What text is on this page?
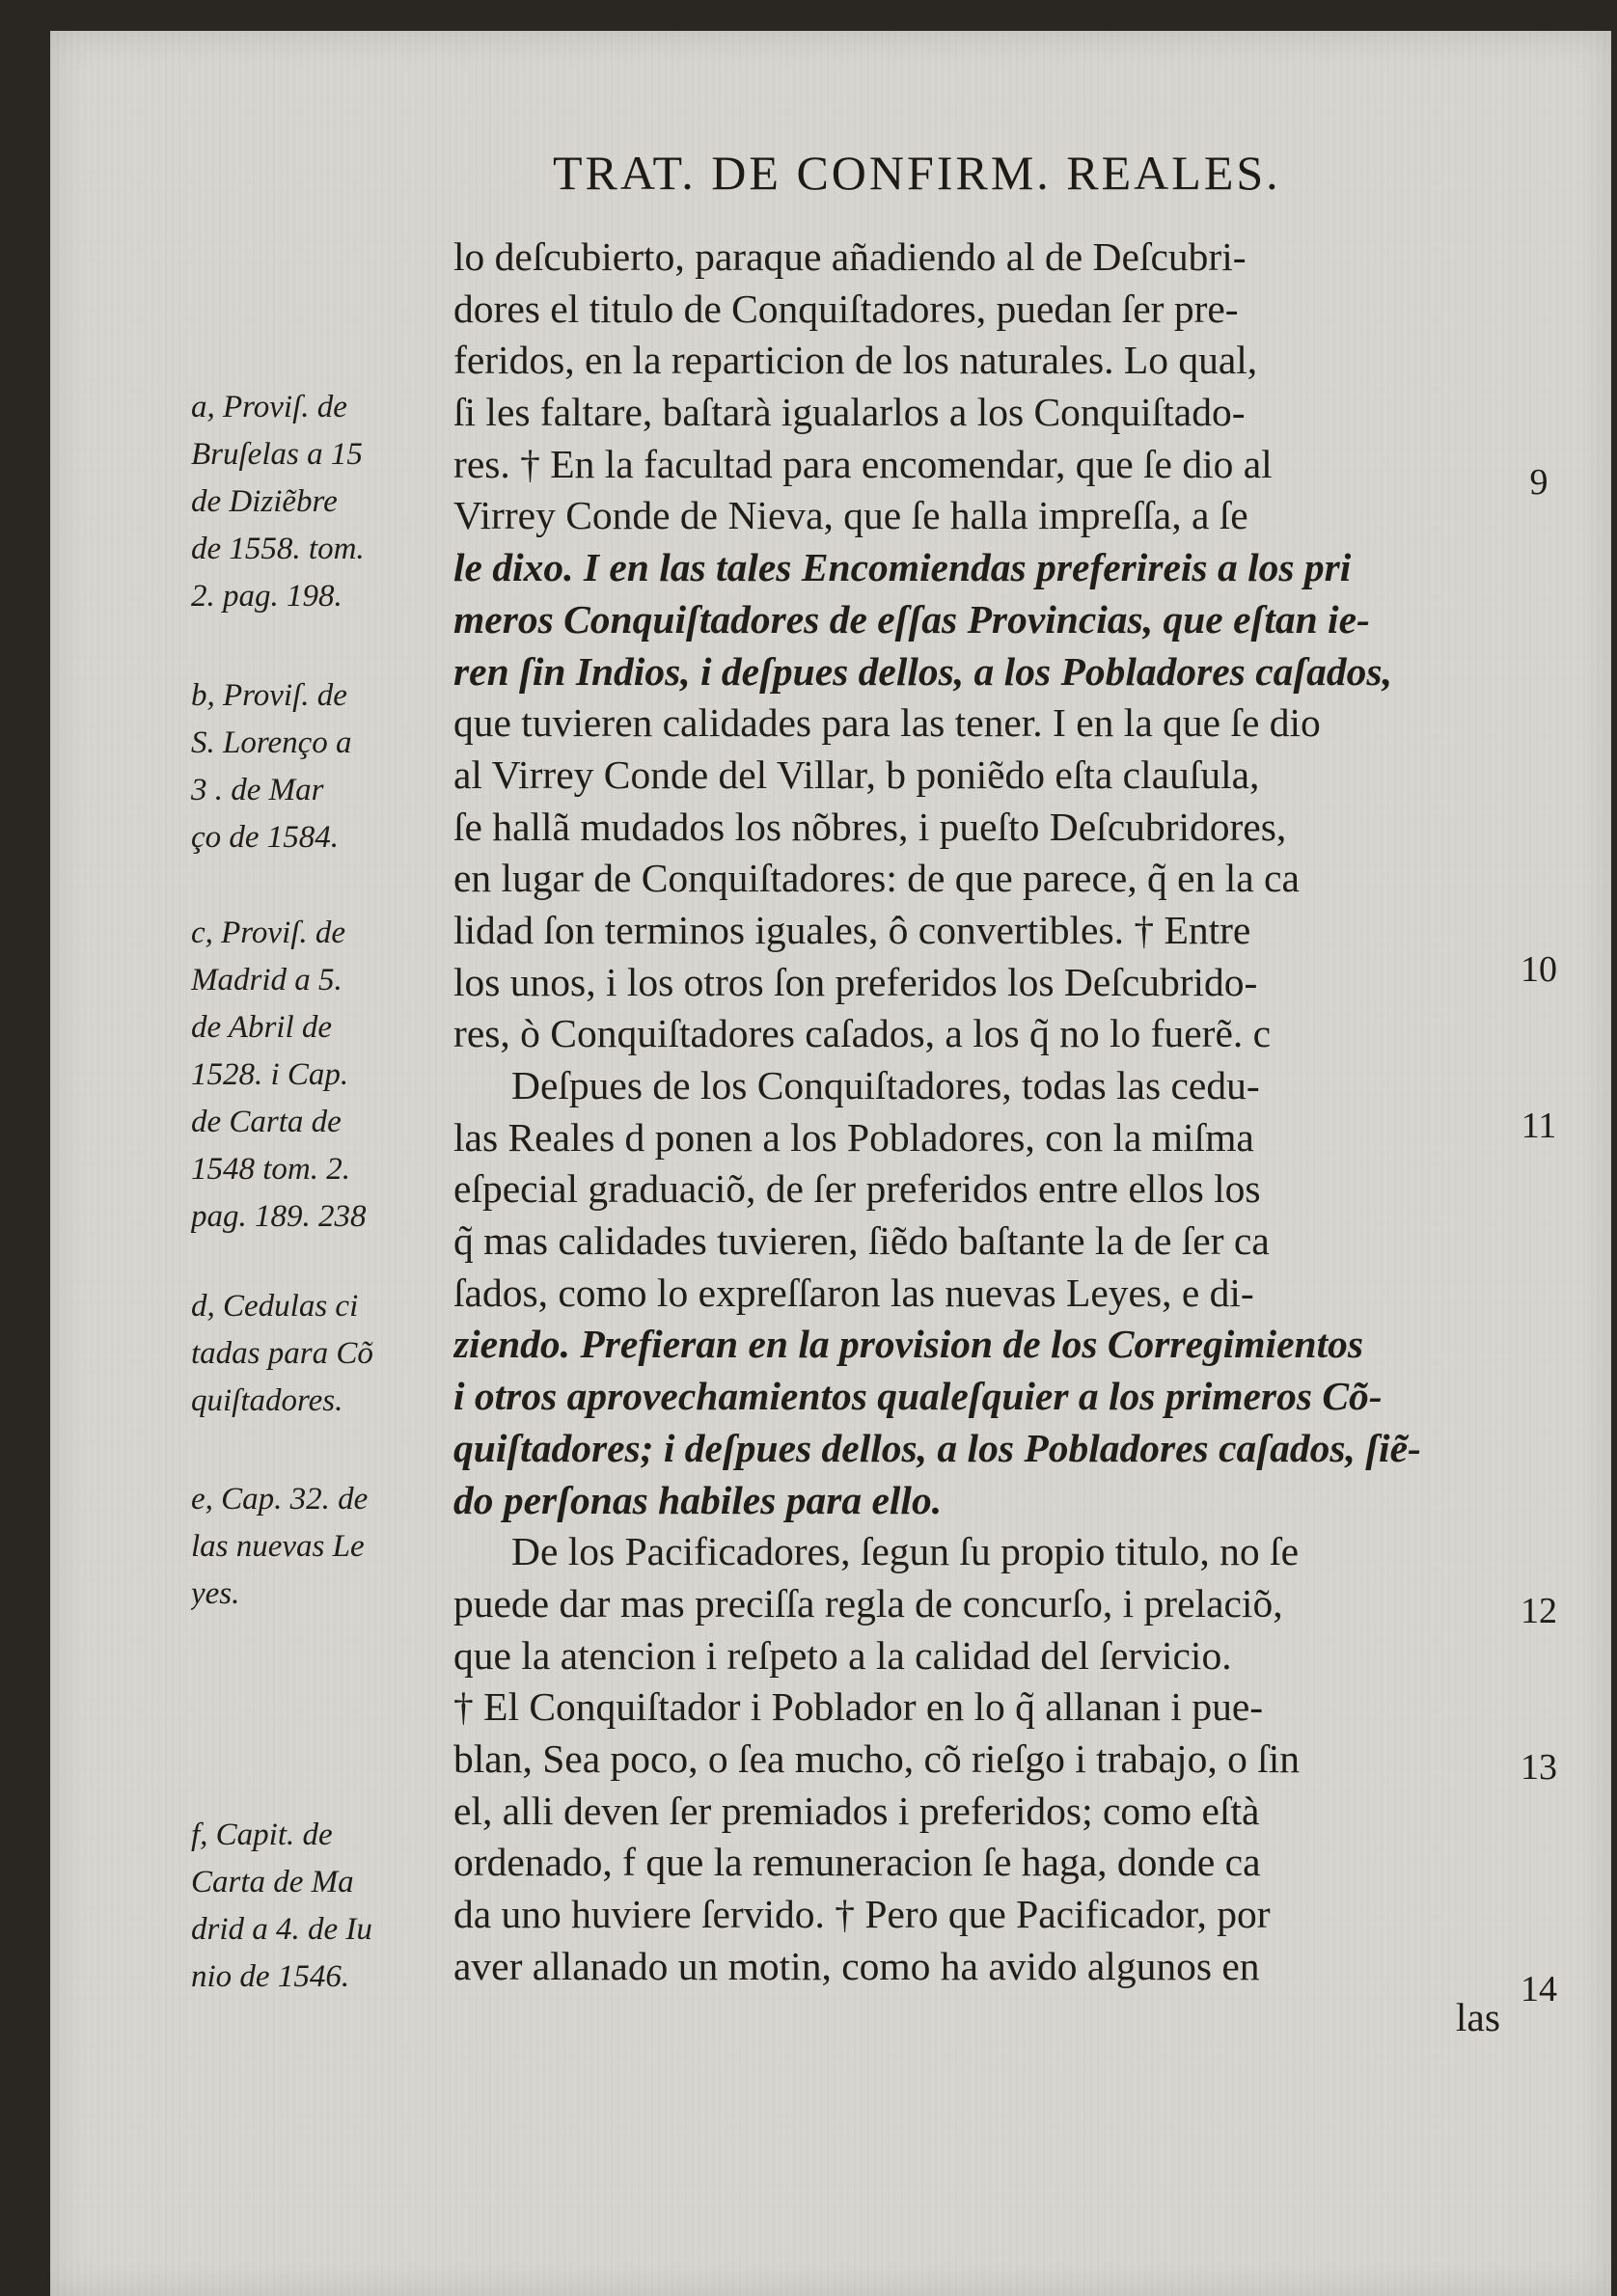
TRAT. DE CONFIRM. REALES.
lo deſcubierto, paraque añadiendo al de Deſcubri-
dores el titulo de Conquiſtadores, puedan ſer pre-
feridos, en la reparticion de los naturales. Lo qual,
ſi les faltare, baſtarà igualarlos a los Conquiſtado-
res. † En la facultad para encomendar, que ſe dio al
Virrey Conde de Nieva, que ſe halla impreſſa, a ſe
le dixo. I en las tales Encomiendas preferireis a los pri
meros Conquiſtadores de eſſas Provincias, que eſtan ie-
ren ſin Indios, i deſpues dellos, a los Pobladores caſados,
que tuvieren calidades para las tener. I en la que ſe dio
al Virrey Conde del Villar, b poniẽdo eſta clauſula,
ſe hallã mudados los nõbres, i pueſto Deſcubridores,
en lugar de Conquiſtadores: de que parece, q̃ en la ca
lidad ſon terminos iguales, ô convertibles. † Entre
los unos, i los otros ſon preferidos los Deſcubrido-
res, ò Conquiſtadores caſados, a los q̃ no lo fuerẽ. c
Deſpues de los Conquiſtadores, todas las cedu-
las Reales d ponen a los Pobladores, con la miſma
eſpecial graduaciõ, de ſer preferidos entre ellos los
q̃ mas calidades tuvieren, ſiẽdo baſtante la de ſer ca
ſados, como lo expreſſaron las nuevas Leyes, e di-
ziendo. Prefieran en la provision de los Corregimientos
i otros aprovechamientos qualeſquier a los primeros Cõ-
quiſtadores; i deſpues dellos, a los Pobladores caſados, ſiẽ-
do perſonas habiles para ello.
De los Pacificadores, ſegun ſu propio titulo, no ſe
puede dar mas preciſſa regla de concurſo, i prelaciõ,
que la atencion i reſpeto a la calidad del ſervicio.
† El Conquiſtador i Poblador en lo q̃ allanan i pue-
blan, Sea poco, o ſea mucho, cõ rieſgo i trabajo, o ſin
el, alli deven ſer premiados i preferidos; como eſtà
ordenado, f que la remuneracion ſe haga, donde ca
da uno huviere ſervido. † Pero que Pacificador, por
aver allanado un motin, como ha avido algunos en
las
a, Proviſ. de
Bruſelas a 15
de Diziẽbre
de 1558. tom.
2. pag. 198.
b, Proviſ. de
S. Lorenço a
3 . de Mar
ço de 1584.
c, Proviſ. de
Madrid a 5.
de Abril de
1528. i Cap.
de Carta de
1548 tom. 2.
pag. 189. 238
d, Cedulas ci
tadas para Cõ
quiſtadores.
e, Cap. 32. de
las nuevas Le
yes.
f, Capit. de
Carta de Ma
drid a 4. de Iu
nio de 1546.
9
10
11
12
13
14
